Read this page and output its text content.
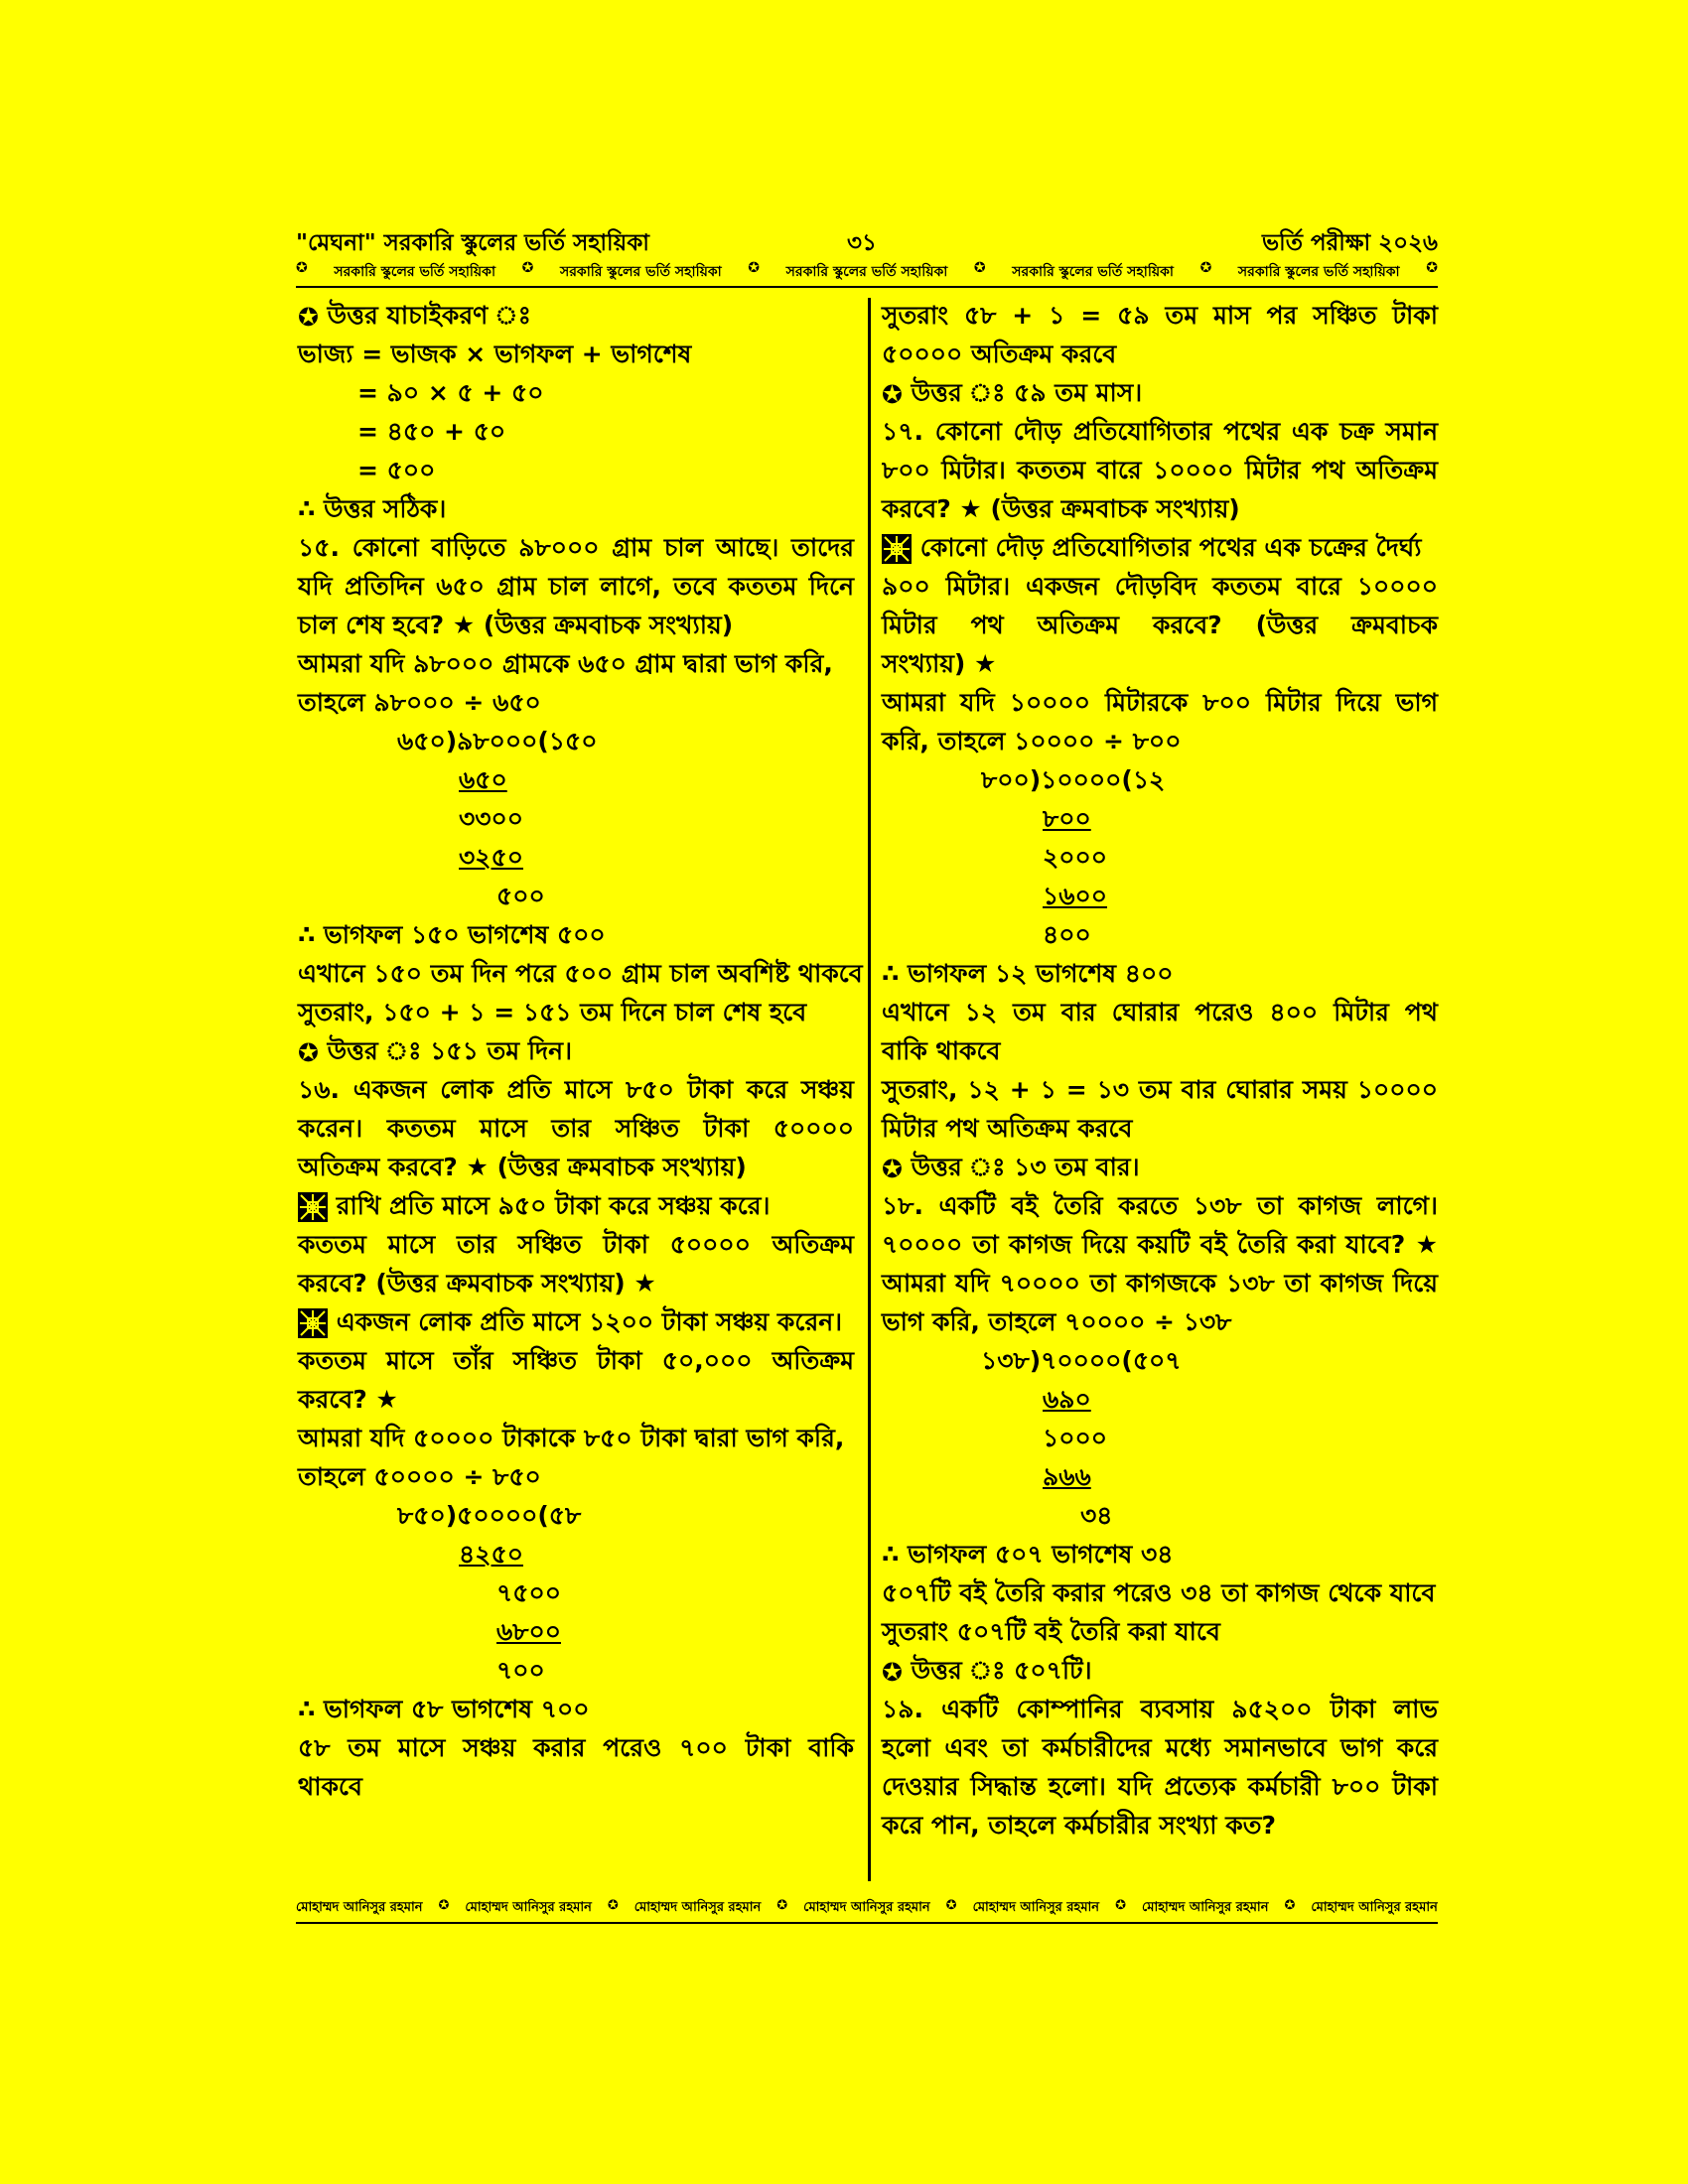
"মেঘনা" সরকারি স্কুলের ভর্তি সহায়িকা	৩১	ভর্তি পরীক্ষা ২০২৬
✪ সরকারি স্কুলের ভর্তি সহায়িকা ✪ সরকারি স্কুলের ভর্তি সহায়িকা ✪ সরকারি স্কুলের ভর্তি সহায়িকা ✪ সরকারি স্কুলের ভর্তি সহায়িকা ✪ সরকারি স্কুলের ভর্তি সহায়িকা ✪
✪ উত্তর যাচাইকরণ ঃ
ভাজ্য = ভাজক × ভাগফল + ভাগশেষ
= ৯০ × ৫ + ৫০
= ৪৫০ + ৫০
= ৫০০
∴ উত্তর সঠিক।
১৫. কোনো বাড়িতে ৯৮০০০ গ্রাম চাল আছে। তাদের
যদি প্রতিদিন ৬৫০ গ্রাম চাল লাগে, তবে কততম দিনে
চাল শেষ হবে? ★ (উত্তর ক্রমবাচক সংখ্যায়)
আমরা যদি ৯৮০০০ গ্রামকে ৬৫০ গ্রাম দ্বারা ভাগ করি,
তাহলে ৯৮০০০ ÷ ৬৫০
৬৫০)৯৮০০০(১৫০
৬৫০
৩৩০০
৩২৫০
৫০০
∴ ভাগফল ১৫০ ভাগশেষ ৫০০
এখানে ১৫০ তম দিন পরে ৫০০ গ্রাম চাল অবশিষ্ট থাকবে
সুতরাং, ১৫০ + ১ = ১৫১ তম দিনে চাল শেষ হবে
✪ উত্তর ঃ ১৫১ তম দিন।
১৬. একজন লোক প্রতি মাসে ৮৫০ টাকা করে সঞ্চয়
করেন। কততম মাসে তার সঞ্চিত টাকা ৫০০০০
অতিক্রম করবে? ★ (উত্তর ক্রমবাচক সংখ্যায়)
রাখি প্রতি মাসে ৯৫০ টাকা করে সঞ্চয় করে।
কততম মাসে তার সঞ্চিত টাকা ৫০০০০ অতিক্রম
করবে? (উত্তর ক্রমবাচক সংখ্যায়) ★
একজন লোক প্রতি মাসে ১২০০ টাকা সঞ্চয় করেন।
কততম মাসে তাঁর সঞ্চিত টাকা ৫০,০০০ অতিক্রম
করবে? ★
আমরা যদি ৫০০০০ টাকাকে ৮৫০ টাকা দ্বারা ভাগ করি,
তাহলে ৫০০০০ ÷ ৮৫০
৮৫০)৫০০০০(৫৮
৪২৫০
৭৫০০
৬৮০০
৭০০
∴ ভাগফল ৫৮ ভাগশেষ ৭০০
৫৮ তম মাসে সঞ্চয় করার পরেও ৭০০ টাকা বাকি
থাকবে
সুতরাং ৫৮ + ১ = ৫৯ তম মাস পর সঞ্চিত টাকা
৫০০০০ অতিক্রম করবে
✪ উত্তর ঃ ৫৯ তম মাস।
১৭. কোনো দৌড় প্রতিযোগিতার পথের এক চক্র সমান
৮০০ মিটার। কততম বারে ১০০০০ মিটার পথ অতিক্রম
করবে? ★ (উত্তর ক্রমবাচক সংখ্যায়)
কোনো দৌড় প্রতিযোগিতার পথের এক চক্রের দৈর্ঘ্য
৯০০ মিটার। একজন দৌড়বিদ কততম বারে ১০০০০
মিটার পথ অতিক্রম করবে? (উত্তর ক্রমবাচক
সংখ্যায়) ★
আমরা যদি ১০০০০ মিটারকে ৮০০ মিটার দিয়ে ভাগ
করি, তাহলে ১০০০০ ÷ ৮০০
৮০০)১০০০০(১২
৮০০
২০০০
১৬০০
৪০০
∴ ভাগফল ১২ ভাগশেষ ৪০০
এখানে ১২ তম বার ঘোরার পরেও ৪০০ মিটার পথ
বাকি থাকবে
সুতরাং, ১২ + ১ = ১৩ তম বার ঘোরার সময় ১০০০০
মিটার পথ অতিক্রম করবে
✪ উত্তর ঃ ১৩ তম বার।
১৮. একটি বই তৈরি করতে ১৩৮ তা কাগজ লাগে।
৭০০০০ তা কাগজ দিয়ে কয়টি বই তৈরি করা যাবে? ★
আমরা যদি ৭০০০০ তা কাগজকে ১৩৮ তা কাগজ দিয়ে
ভাগ করি, তাহলে ৭০০০০ ÷ ১৩৮
১৩৮)৭০০০০(৫০৭
৬৯০
১০০০
৯৬৬
৩৪
∴ ভাগফল ৫০৭ ভাগশেষ ৩৪
৫০৭টি বই তৈরি করার পরেও ৩৪ তা কাগজ থেকে যাবে
সুতরাং ৫০৭টি বই তৈরি করা যাবে
✪ উত্তর ঃ ৫০৭টি।
১৯. একটি কোম্পানির ব্যবসায় ৯৫২০০ টাকা লাভ
হলো এবং তা কর্মচারীদের মধ্যে সমানভাবে ভাগ করে
দেওয়ার সিদ্ধান্ত হলো। যদি প্রত্যেক কর্মচারী ৮০০ টাকা
করে পান, তাহলে কর্মচারীর সংখ্যা কত?
মোহাম্মদ আনিসুর রহমান ✪ মোহাম্মদ আনিসুর রহমান ✪ মোহাম্মদ আনিসুর রহমান ✪ মোহাম্মদ আনিসুর রহমান ✪ মোহাম্মদ আনিসুর রহমান ✪ মোহাম্মদ আনিসুর রহমান ✪ মোহাম্মদ আনিসুর রহমান
